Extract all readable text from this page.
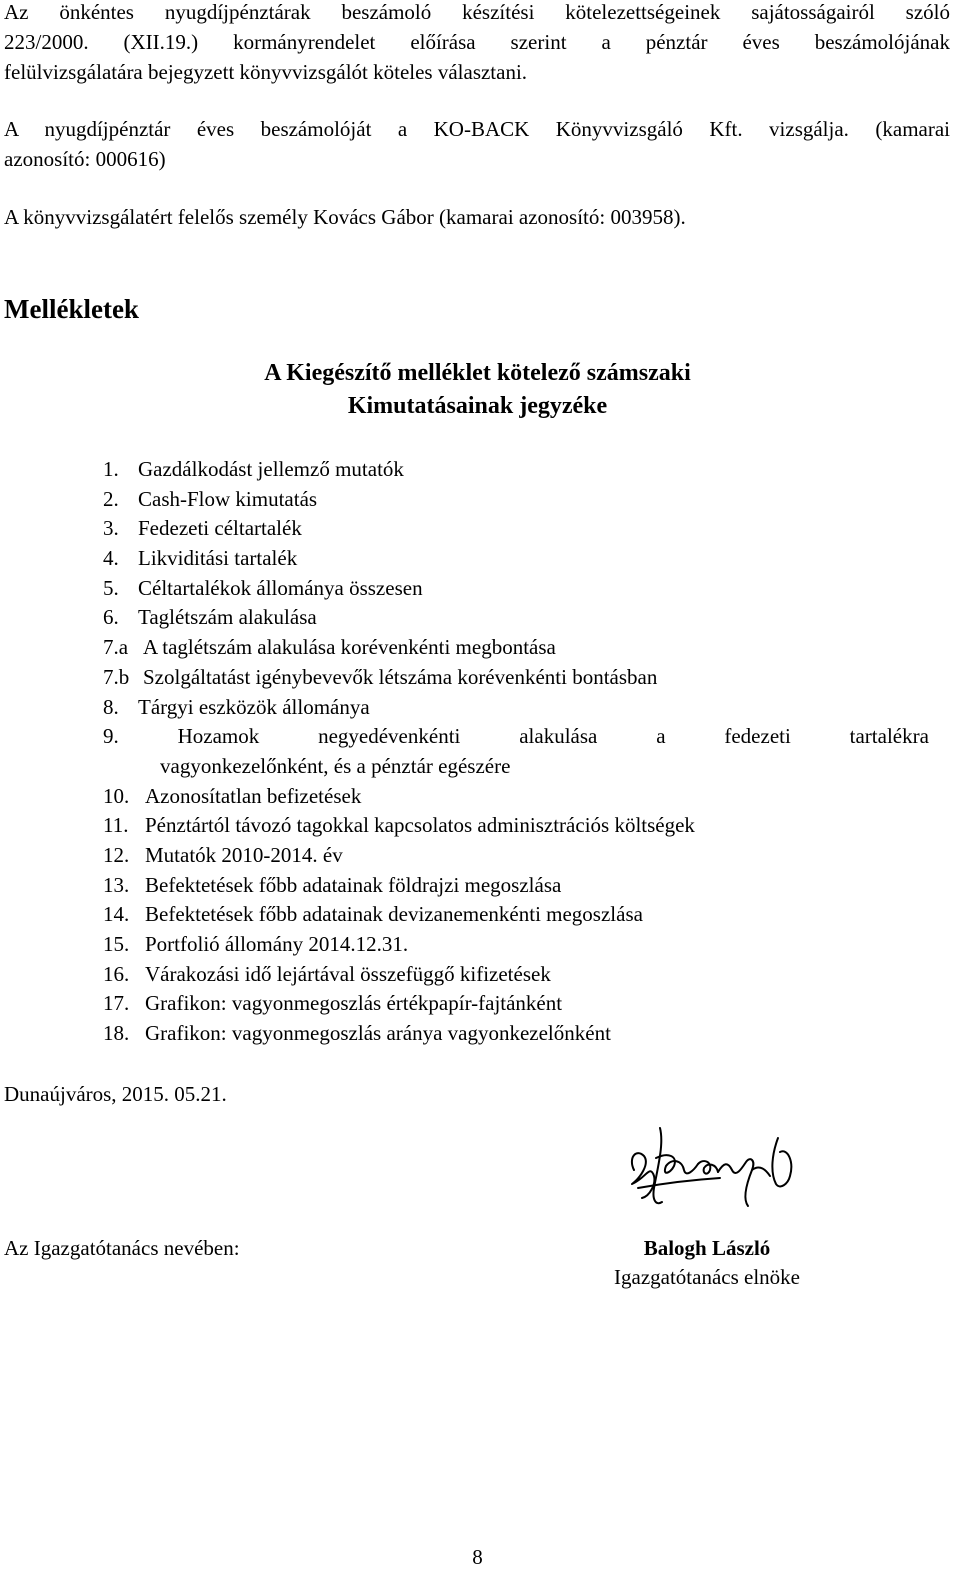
Az önkéntes nyugdíjpénztárak beszámoló készítési kötelezettségeinek sajátosságairól szóló
223/2000. (XII.19.) kormányrendelet előírása szerint a pénztár éves beszámolójának
felülvizsgálatára bejegyzett könyvvizsgálót köteles választani.
A nyugdíjpénztár éves beszámolóját a KO-BACK Könyvvizsgáló Kft. vizsgálja. (kamarai
azonosító: 000616)
A könyvvizsgálatért felelős személy Kovács Gábor (kamarai azonosító: 003958).
Mellékletek
A Kiegészítő melléklet kötelező számszaki
Kimutatásainak jegyzéke
1. Gazdálkodást jellemző mutatók
2. Cash-Flow kimutatás
3. Fedezeti céltartalék
4. Likviditási tartalék
5. Céltartalékok állománya összesen
6. Taglétszám alakulása
7.a A taglétszám alakulása korévenkénti megbontása
7.b Szolgáltatást igénybevevők létszáma korévenkénti bontásban
8. Tárgyi eszközök állománya
9.	Hozamok	negyedévenkénti	alakulása	a	fedezeti	tartalékra
vagyonkezelőnként, és a pénztár egészére
10. Azonosítatlan befizetések
11. Pénztártól távozó tagokkal kapcsolatos adminisztrációs költségek
12. Mutatók 2010-2014. év
13. Befektetések főbb adatainak földrajzi megoszlása
14. Befektetések főbb adatainak devizanemenkénti megoszlása
15. Portfolió állomány 2014.12.31.
16. Várakozási idő lejártával összefüggő kifizetések
17. Grafikon: vagyonmegoszlás értékpapír-fajtánként
18. Grafikon: vagyonmegoszlás aránya vagyonkezelőnként
Dunaújváros, 2015. 05.21.
Az Igazgatótanács nevében:	Balogh László
Igazgatótanács elnöke
8
